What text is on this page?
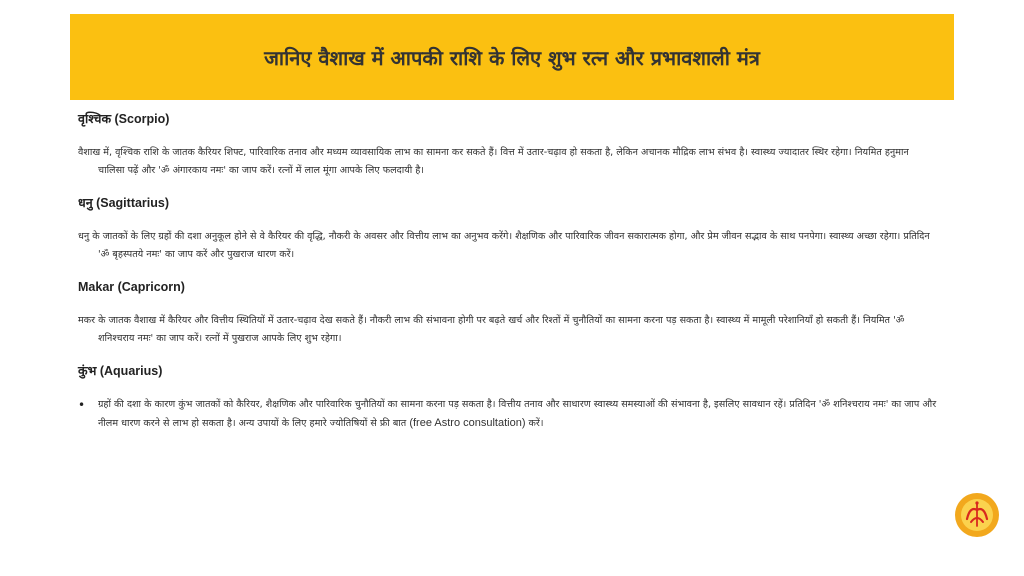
जानिए वैशाख में आपकी राशि के लिए शुभ रत्न और प्रभावशाली मंत्र

वृश्चिक (Scorpio)

वैशाख में, वृश्चिक राशि के जातक कैरियर शिफ्ट, पारिवारिक तनाव और मध्यम व्यावसायिक लाभ का सामना कर सकते हैं। वित्त में उतार-चढ़ाव हो सकता है, लेकिन अचानक मौद्रिक लाभ संभव है। स्वास्थ्य ज्यादातर स्थिर रहेगा। नियमित हनुमान चालिसा पढ़ें और 'ॐ अंगारकाय नमः' का जाप करें। रत्नों में लाल मूंगा आपके लिए फलदायी है।

धनु (Sagittarius)

धनु के जातकों के लिए ग्रहों की दशा अनुकूल होने से वे कैरियर की वृद्धि, नौकरी के अवसर और वित्तीय लाभ का अनुभव करेंगे। शैक्षणिक और पारिवारिक जीवन सकारात्मक होगा, और प्रेम जीवन सद्भाव के साथ पनपेगा। स्वास्थ्य अच्छा रहेगा। प्रतिदिन 'ॐ बृहस्पतये नमः' का जाप करें और पुखराज धारण करें।

Makar (Capricorn)

मकर के जातक वैशाख में कैरियर और वित्तीय स्थितियों में उतार-चढ़ाव देख सकते हैं। नौकरी लाभ की संभावना होगी पर बढ़ते खर्च और रिश्तों में चुनौतियों का सामना करना पड़ सकता है। स्वास्थ्य में मामूली परेशानियाँ हो सकती हैं। नियमित 'ॐ शनिश्चराय नमः' का जाप करें। रत्नों में पुखराज आपके लिए शुभ रहेगा।

कुंभ (Aquarius)

•	ग्रहों की दशा के कारण कुंभ जातकों को कैरियर, शैक्षणिक और पारिवारिक चुनौतियों का सामना करना पड़ सकता है। वित्तीय तनाव और साधारण स्वास्थ्य समस्याओं की संभावना है, इसलिए सावधान रहें। प्रतिदिन 'ॐ शनिश्चराय नमः' का जाप और नीलम धारण करने से लाभ हो सकता है। अन्य उपायों के लिए हमारे ज्योतिषियों से फ्री बात (free Astro consultation) करें।
